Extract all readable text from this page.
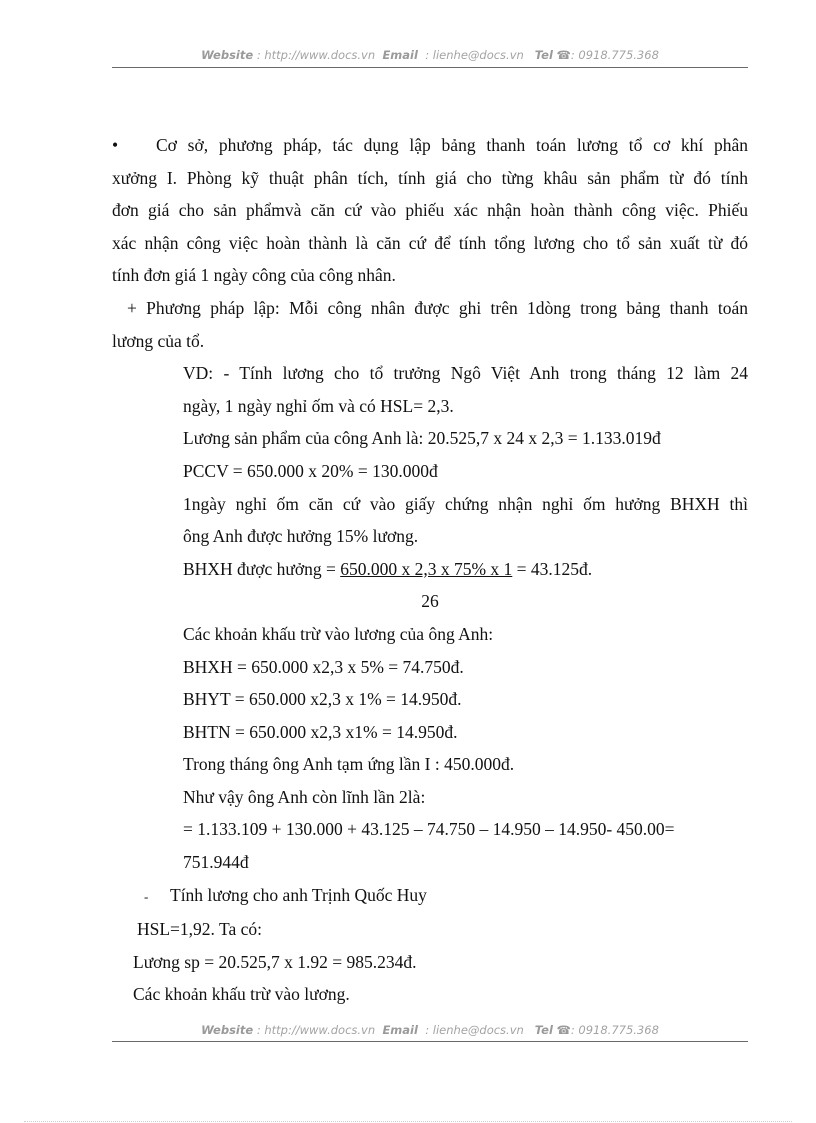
Website : http://www.docs.vn Email : lienhe@docs.vn Tel ☎: 0918.775.368

• Cơ sở, phương pháp, tác dụng lập bảng thanh toán lương tổ cơ khí phân

xưởng I. Phòng kỹ thuật phân tích, tính giá cho từng khâu sản phẩm từ đó tính

đơn giá cho sản phẩmvà căn cứ vào phiếu xác nhận hoàn thành công việc. Phiếu

xác nhận công việc hoàn thành là căn cứ để tính tổng lương cho tổ sản xuất từ đó

tính đơn giá 1 ngày công của công nhân.

+ Phương pháp lập: Mỗi công nhân được ghi trên 1dòng trong bảng thanh toán

lương của tổ.

VD: - Tính lương cho tổ trưởng Ngô Việt Anh trong tháng 12 làm 24

ngày, 1 ngày nghỉ ốm và có HSL= 2,3.

Lương sản phẩm của công Anh là: 20.525,7 x 24 x 2,3 = 1.133.019đ

PCCV = 650.000 x 20% = 130.000đ

1ngày nghỉ ốm căn cứ vào giấy chứng nhận nghỉ ốm hưởng BHXH thì

ông Anh được hưởng 15% lương.

BHXH được hưởng = 650.000 x 2,3 x 75% x 1 = 43.125đ.

26

Các khoản khấu trừ vào lương của ông Anh:

BHXH = 650.000 x2,3 x 5% = 74.750đ.

BHYT = 650.000 x2,3 x 1% = 14.950đ.

BHTN = 650.000 x2,3 x1% = 14.950đ.

Trong tháng ông Anh tạm ứng lần I : 450.000đ.

Như vậy ông Anh còn lĩnh lần 2là:

= 1.133.109 + 130.000 + 43.125 – 74.750 – 14.950 – 14.950- 450.00=

751.944đ

- Tính lương cho anh Trịnh Quốc Huy

HSL=1,92. Ta có:

Lương sp = 20.525,7 x 1.92 = 985.234đ.

Các khoản khấu trừ vào lương.

Website : http://www.docs.vn Email : lienhe@docs.vn Tel ☎: 0918.775.368
